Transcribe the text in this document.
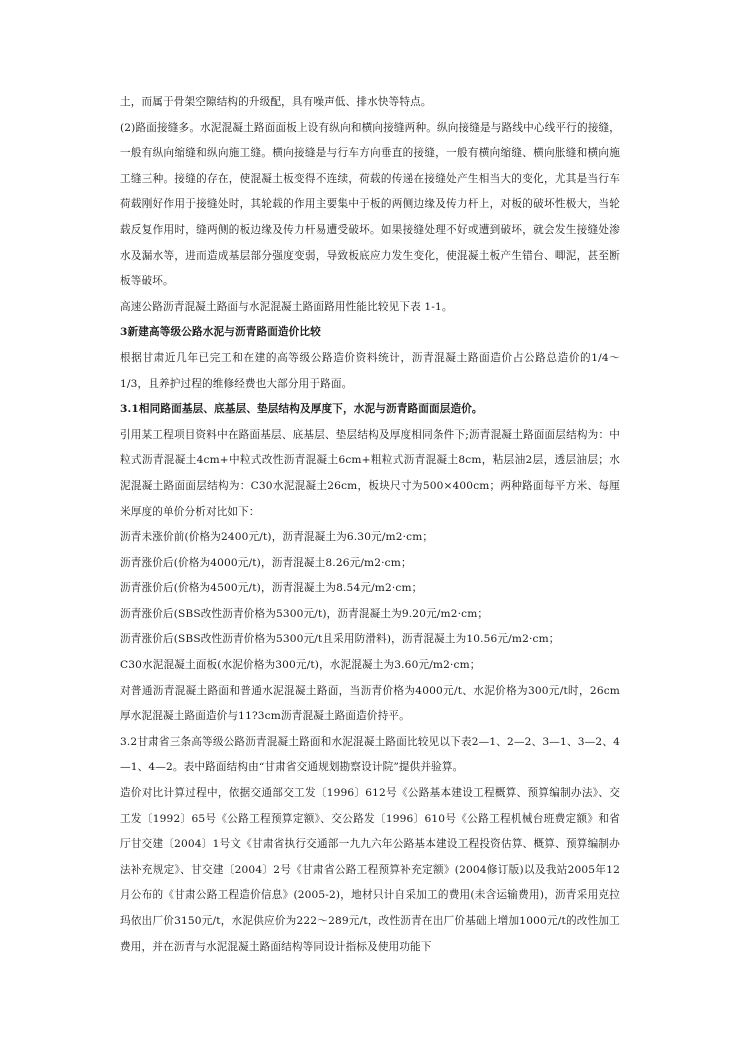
土，而属于骨架空隙结构的升级配，具有噪声低、排水快等特点。

(2)路面接缝多。水泥混凝土路面面板上设有纵向和横向接缝两种。纵向接缝是与路线中心线平行的接缝，一般有纵向缩缝和纵向施工缝。横向接缝是与行车方向垂直的接缝，一般有横向缩缝、横向胀缝和横向施工缝三种。接缝的存在，使混凝土板变得不连续，荷载的传递在接缝处产生相当大的变化，尤其是当行车荷载刚好作用于接缝处时，其轮载的作用主要集中于板的两侧边缘及传力杆上，对板的破坏性极大，当轮载反复作用时，缝两侧的板边缘及传力杆易遭受破坏。如果接缝处理不好或遭到破坏，就会发生接缝处渗水及漏水等，进而造成基层部分强度变弱，导致板底应力发生变化，使混凝土板产生错台、唧泥，甚至断板等破坏。

高速公路沥青混凝土路面与水泥混凝土路面路用性能比较见下表 1-1。

3新建高等级公路水泥与沥青路面造价比较

根据甘肃近几年已完工和在建的高等级公路造价资料统计，沥青混凝土路面造价占公路总造价的1/4～1/3，且养护过程的维修经费也大部分用于路面。

3.1相同路面基层、底基层、垫层结构及厚度下，水泥与沥青路面面层造价。

引用某工程项目资料中在路面基层、底基层、垫层结构及厚度相同条件下;沥青混凝土路面面层结构为：中粒式沥青混凝土4cm+中粒式改性沥青混凝土6cm+粗粒式沥青混凝土8cm，粘层油2层，透层油层；水泥混凝土路面面层结构为：C30水泥混凝土26cm，板块尺寸为500×400cm；两种路面每平方米、每厘米厚度的单价分析对比如下：

沥青未涨价前(价格为2400元/t)，沥青混凝土为6.30元/m2·cm；

沥青涨价后(价格为4000元/t)，沥青混凝土8.26元/m2·cm；

沥青涨价后(价格为4500元/t)，沥青混凝土为8.54元/m2·cm；

沥青涨价后(SBS改性沥青价格为5300元/t)，沥青混凝土为9.20元/m2·cm；

沥青涨价后(SBS改性沥青价格为5300元/t且采用防滑料)，沥青混凝土为10.56元/m2·cm；

C30水泥混凝土面板(水泥价格为300元/t)，水泥混凝土为3.60元/m2·cm；

对普通沥青混凝土路面和普通水泥混凝土路面，当沥青价格为4000元/t、水泥价格为300元/t时，26cm厚水泥混凝土路面造价与11?3cm沥青混凝土路面造价持平。

3.2甘肃省三条高等级公路沥青混凝土路面和水泥混凝土路面比较见以下表2—1、2—2、3—1、3—2、4—1、4—2。表中路面结构由“甘肃省交通规划勘察设计院”提供并验算。

造价对比计算过程中，依据交通部交工发〔1996〕612号《公路基本建设工程概算、预算编制办法》、交工发〔1992〕65号《公路工程预算定额》、交公路发〔1996〕610号《公路工程机械台班费定额》和省厅甘交建〔2004〕1号文《甘肃省执行交通部一九九六年公路基本建设工程投资估算、概算、预算编制办法补充规定》、甘交建〔2004〕2号《甘肃省公路工程预算补充定额》(2004修订版)以及我站2005年12月公布的《甘肃公路工程造价信息》(2005-2)，地材只计自采加工的费用(未含运输费用)，沥青采用克拉玛依出厂价3150元/t，水泥供应价为222～289元/t，改性沥青在出厂价基础上增加1000元/t的改性加工费用，并在沥青与水泥混凝土路面结构等同设计指标及使用功能下
